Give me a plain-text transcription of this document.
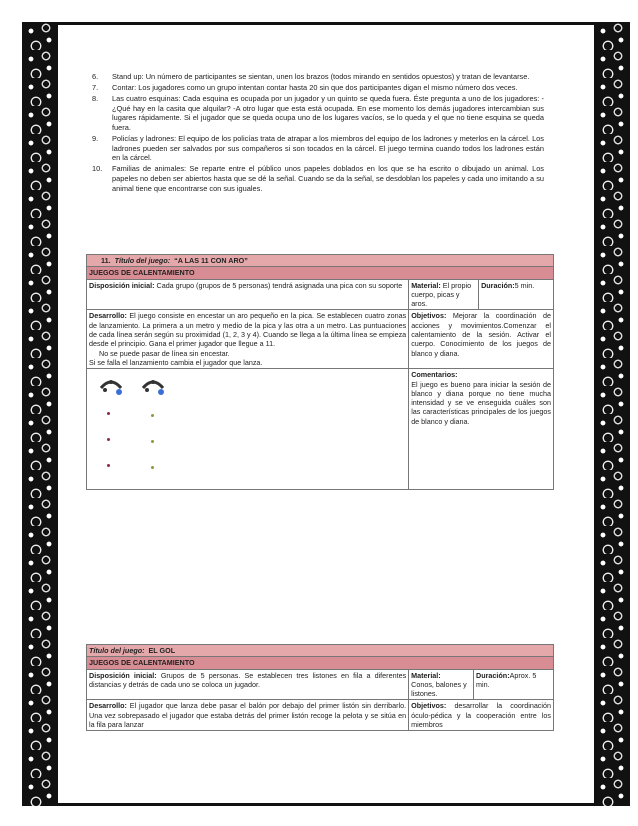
6. Stand up: Un número de participantes se sientan, unen los brazos (todos mirando en sentidos opuestos) y tratan de levantarse.
7. Contar: Los jugadores como un grupo intentan contar hasta 20 sin que dos participantes digan el mismo número dos veces.
8. Las cuatro esquinas: Cada esquina es ocupada por un jugador y un quinto se queda fuera. Éste pregunta a uno de los jugadores: -¿Qué hay en la casita que alquilar? -A otro lugar que esta está ocupada. En ese momento los demás jugadores intercambian sus lugares rápidamente. Si el jugador que se queda ocupa uno de los lugares vacíos, se lo queda y el que no tiene esquina se queda fuera.
9. Policías y ladrones: El equipo de los policías trata de atrapar a los miembros del equipo de los ladrones y meterlos en la cárcel. Los ladrones pueden ser salvados por sus compañeros si son tocados en la cárcel. El juego termina cuando todos los ladrones están en la cárcel.
10. Familias de animales: Se reparte entre el público unos papeles doblados en los que se ha escrito o dibujado un animal. Los papeles no deben ser abiertos hasta que se dé la señal. Cuando se da la señal, se desdoblan los papeles y cada uno imitando a su animal tiene que encontrarse con sus iguales.
11. Título del juego: “A LAS 11 CON ARO”		
JUEGOS DE CALENTAMIENTO		
Disposición inicial: Cada grupo (grupos de 5 personas) tendrá asignada una pica con su soporte	Material: El propio cuerpo, picas y aros.	Duración:5 min.
Desarrollo: El juego consiste en encestar un aro pequeño en la pica. Se establecen cuatro zonas de lanzamiento. La primera a un metro y medio de la pica y las otra a un metro. Las puntuaciones de cada línea serán según su proximidad (1, 2, 3 y 4). Cuando se llega a la última línea se empieza desde el principio. Gana el primer jugador que llegue a 11.
No se puede pasar de línea sin encestar.
Si se falla el lanzamiento cambia el jugador que lanza.	Objetivos: Mejorar la coordinación de acciones y movimientos.Comenzar el calentamiento de la sesión. Activar el cuerpo. Conocimiento de los juegos de blanco y diana.	

	Comentarios:
El juego es bueno para iniciar la sesión de blanco y diana porque no tiene mucha intensidad y se ve enseguida cuáles son las características principales de los juegos de blanco y diana.	
Título del juego: EL GOL		
JUEGOS DE CALENTAMIENTO		
Disposición inicial: Grupos de 5 personas. Se establecen tres listones en fila a diferentes distancias y detrás de cada uno se coloca un jugador.	Material:
Conos, balones y listones.	Duración:Aprox. 5 min.
Desarrollo: El jugador que lanza debe pasar el balón por debajo del primer listón sin derribarlo. Una vez sobrepasado el jugador que estaba detrás del primer listón recoge la pelota y se sitúa en la fila para lanzar	Objetivos: desarrollar la coordinación óculo-pédica y la cooperación entre los miembros	
